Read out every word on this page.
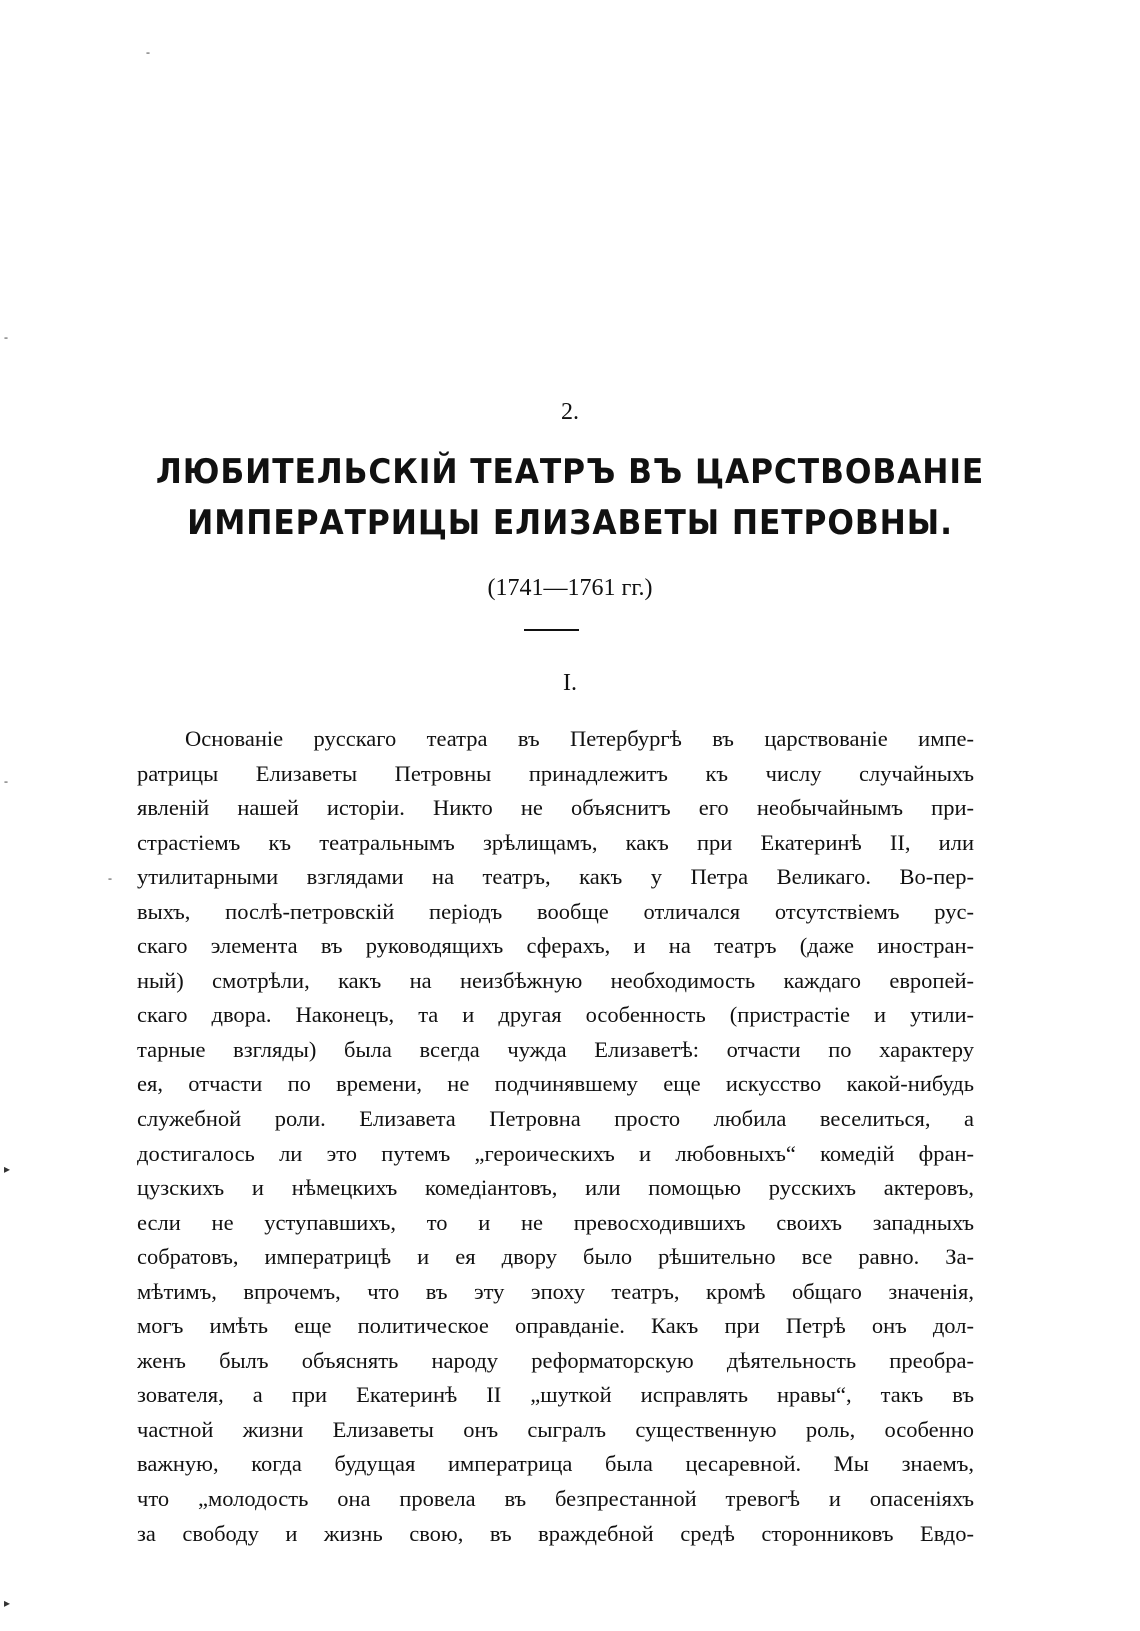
-
-
-
-
▸
▸
2.
ЛЮБИТЕЛЬСКІЙ ТЕАТРЪ ВЪ ЦАРСТВОВАНІЕ
ИМПЕРАТРИЦЫ ЕЛИЗАВЕТЫ ПЕТРОВНЫ.
(1741—1761 гг.)
I.
Основаніе русскаго театра въ Петербургѣ въ царствованіе импе-
ратрицы Елизаветы Петровны принадлежитъ къ числу случайныхъ
явленій нашей исторіи. Никто не объяснитъ его необычайнымъ при-
страстіемъ къ театральнымъ зрѣлищамъ, какъ при Екатеринѣ II, или
утилитарными взглядами на театръ, какъ у Петра Великаго. Во-пер-
выхъ, послѣ-петровскій періодъ вообще отличался отсутствіемъ рус-
скаго элемента въ руководящихъ сферахъ, и на театръ (даже иностран-
ный) смотрѣли, какъ на неизбѣжную необходимость каждаго европей-
скаго двора. Наконецъ, та и другая особенность (пристрастіе и утили-
тарные взгляды) была всегда чужда Елизаветѣ: отчасти по характеру
ея, отчасти по времени, не подчинявшему еще искусство какой-нибудь
служебной роли. Елизавета Петровна просто любила веселиться, а
достигалось ли это путемъ „героическихъ и любовныхъ“ комедій фран-
цузскихъ и нѣмецкихъ комедіантовъ, или помощью русскихъ актеровъ,
если не уступавшихъ, то и не превосходившихъ своихъ западныхъ
собратовъ, императрицѣ и ея двору было рѣшительно все равно. За-
мѣтимъ, впрочемъ, что въ эту эпоху театръ, кромѣ общаго значенія,
могъ имѣть еще политическое оправданіе. Какъ при Петрѣ онъ дол-
женъ былъ объяснять народу реформаторскую дѣятельность преобра-
зователя, а при Екатеринѣ II „шуткой исправлять нравы“, такъ въ
частной жизни Елизаветы онъ сыгралъ существенную роль, особенно
важную, когда будущая императрица была цесаревной. Мы знаемъ,
что „молодость она провела въ безпрестанной тревогѣ и опасеніяхъ
за свободу и жизнь свою, въ враждебной средѣ сторонниковъ Евдо-
